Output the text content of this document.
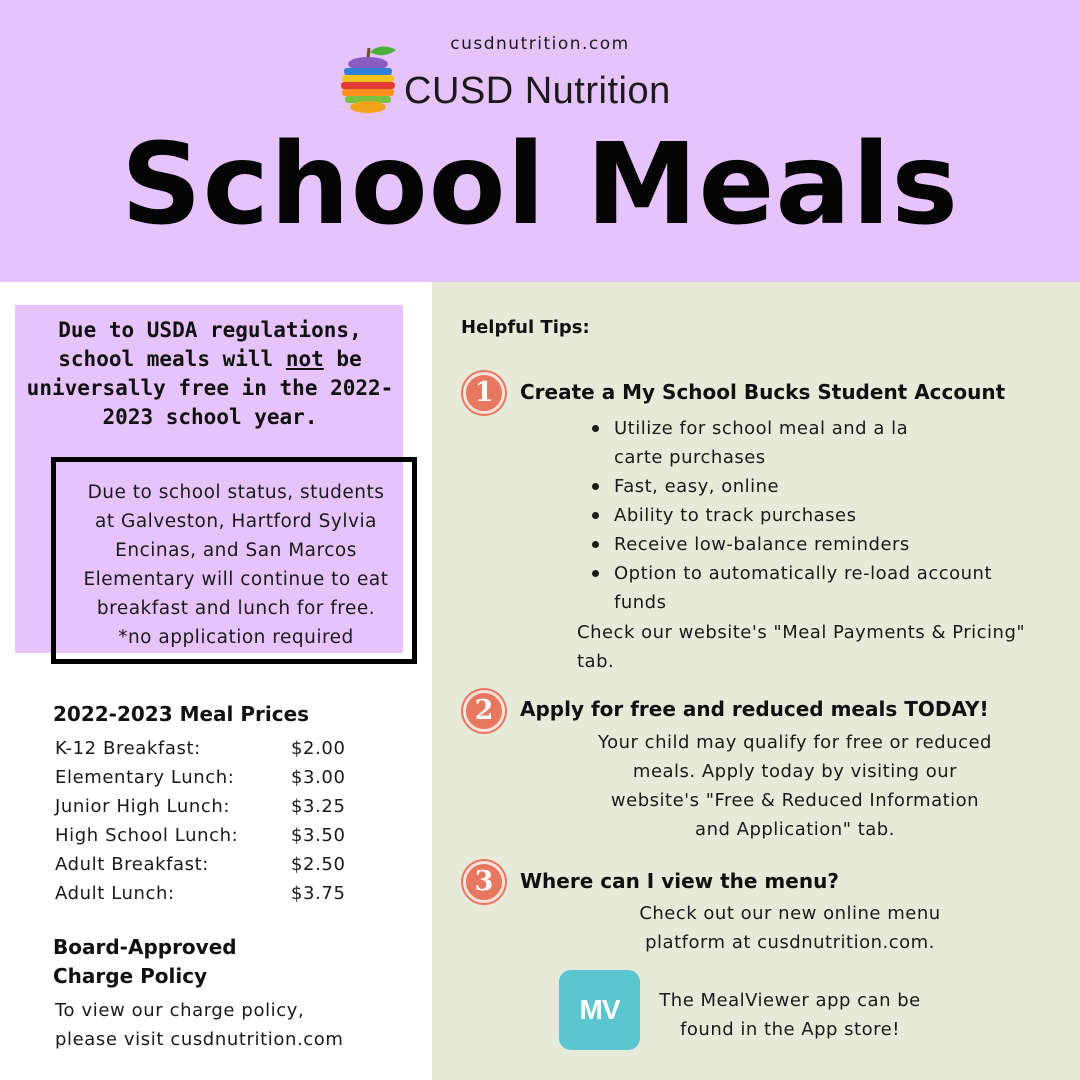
cusdnutrition.com
CUSD Nutrition
School Meals
Due to USDA regulations, school meals will not be universally free in the 2022-2023 school year.
Due to school status, students
at Galveston, Hartford Sylvia
Encinas, and San Marcos
Elementary will continue to eat
breakfast and lunch for free.
*no application required
2022-2023 Meal Prices
K-12 Breakfast:	$2.00
Elementary Lunch:	$3.00
Junior High Lunch:	$3.25
High School Lunch:	$3.50
Adult Breakfast:	$2.50
Adult Lunch:	$3.75
Board-Approved
Charge Policy
To view our charge policy,
please visit cusdnutrition.com
Helpful Tips:
1	Create a My School Bucks Student Account
Utilize for school meal and a la
carte purchases
Fast, easy, online
Ability to track purchases
Receive low-balance reminders
Option to automatically re-load account
funds
Check our website's "Meal Payments & Pricing"
tab.
2	Apply for free and reduced meals TODAY!
Your child may qualify for free or reduced
meals. Apply today by visiting our
website's "Free & Reduced Information
and Application" tab.
3	Where can I view the menu?
Check out our new online menu
platform at cusdnutrition.com.
MV	The MealViewer app can be
found in the App store!
